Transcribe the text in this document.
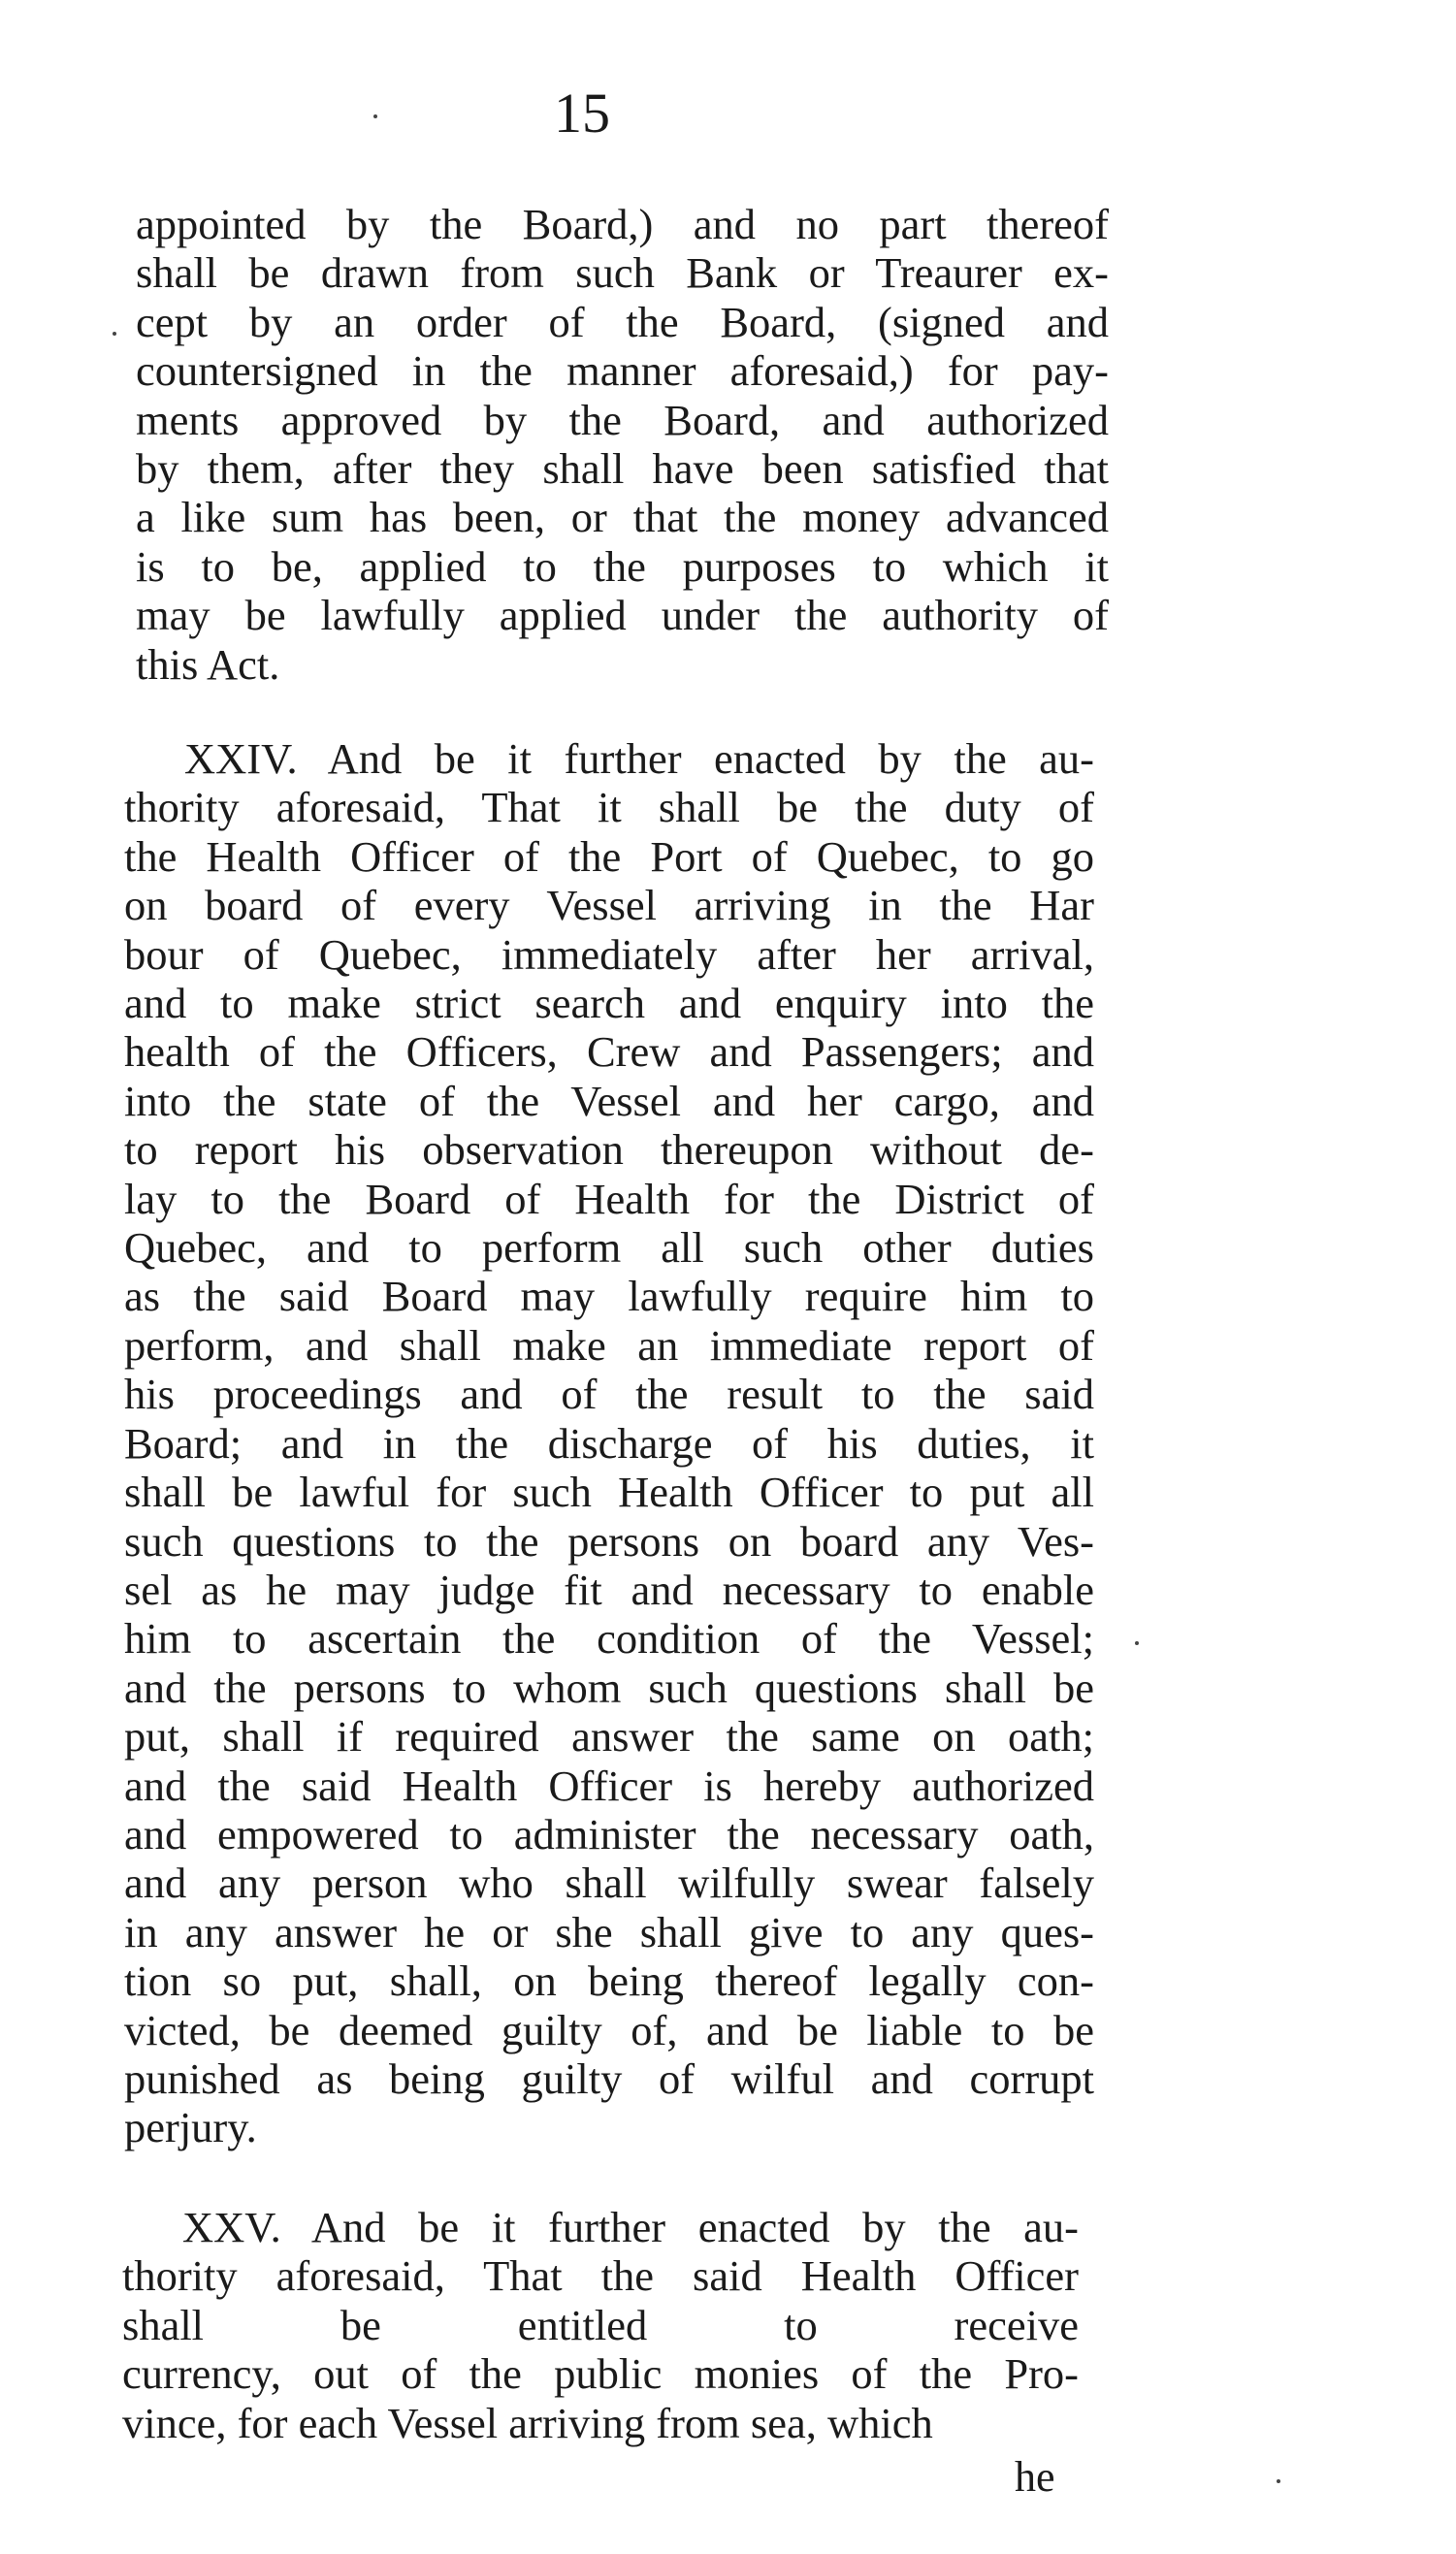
15

appointed by the Board,) and no part thereof
shall be drawn from such Bank or Treaurer ex-
cept by an order of the Board, (signed and
countersigned in the manner aforesaid,) for pay-
ments approved by the Board, and authorized
by them, after they shall have been satisfied that
a like sum has been, or that the money advanced
is to be, applied to the purposes to which it
may be lawfully applied under the authority of
this Act.

XXIV. And be it further enacted by the au-
thority aforesaid, That it shall be the duty of
the Health Officer of the Port of Quebec, to go
on board of every Vessel arriving in the Har
bour of Quebec, immediately after her arrival,
and to make strict search and enquiry into the
health of the Officers, Crew and Passengers; and
into the state of the Vessel and her cargo, and
to report his observation thereupon without de-
lay to the Board of Health for the District of
Quebec, and to perform all such other duties
as the said Board may lawfully require him to
perform, and shall make an immediate report of
his proceedings and of the result to the said
Board; and in the discharge of his duties, it
shall be lawful for such Health Officer to put all
such questions to the persons on board any Ves-
sel as he may judge fit and necessary to enable
him to ascertain the condition of the Vessel;
and the persons to whom such questions shall be
put, shall if required answer the same on oath;
and the said Health Officer is hereby authorized
and empowered to administer the necessary oath,
and any person who shall wilfully swear falsely
in any answer he or she shall give to any ques-
tion so put, shall, on being thereof legally con-
victed, be deemed guilty of, and be liable to be
punished as being guilty of wilful and corrupt
perjury.

XXV. And be it further enacted by the au-
thority aforesaid, That the said Health Officer
shall be entitled to receive
currency, out of the public monies of the Pro-
vince, for each Vessel arriving from sea, which

he
